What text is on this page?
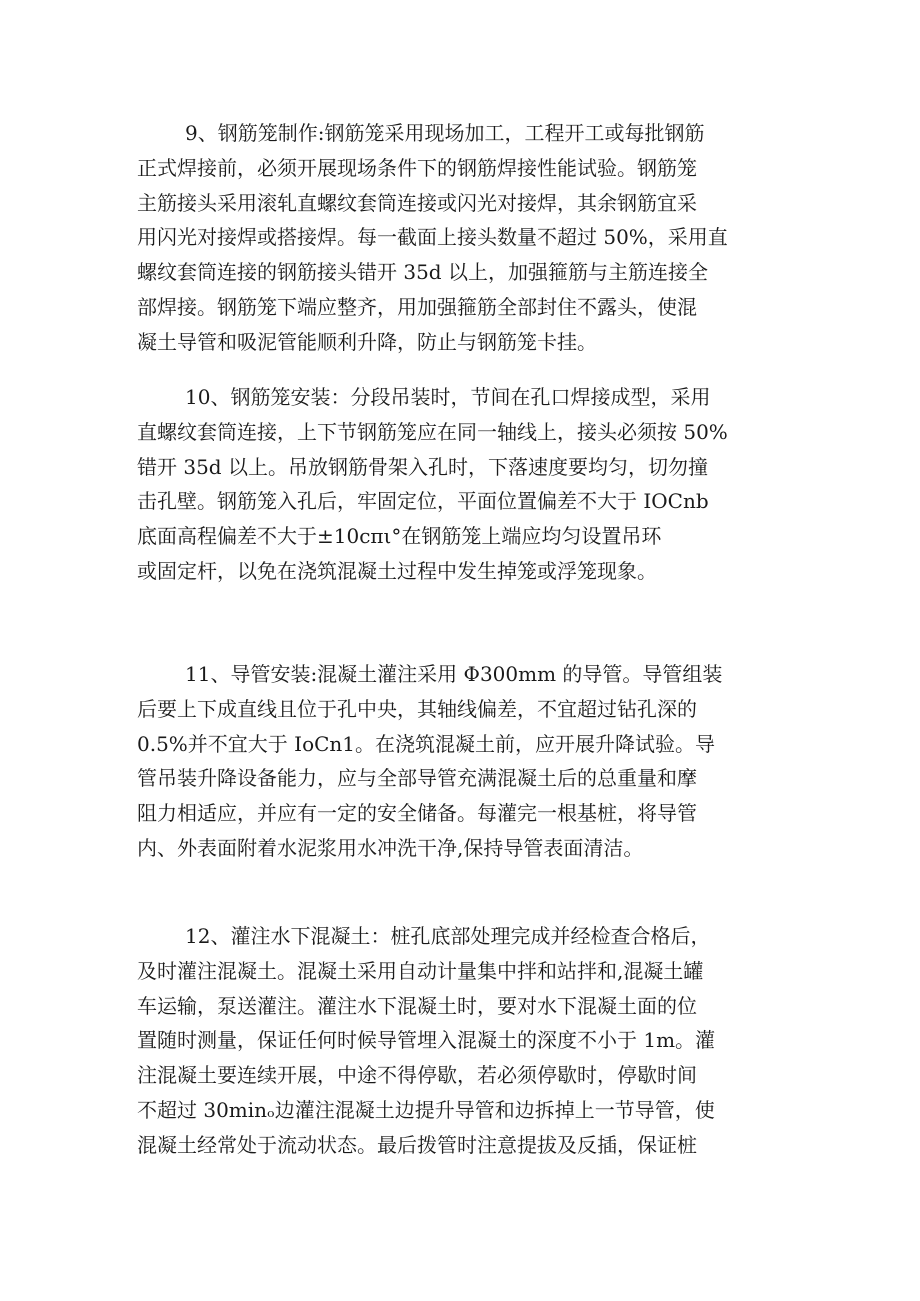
9、钢筋笼制作:钢筋笼采用现场加工，工程开工或每批钢筋
正式焊接前，必须开展现场条件下的钢筋焊接性能试验。钢筋笼
主筋接头采用滚轧直螺纹套筒连接或闪光对接焊，其余钢筋宜采
用闪光对接焊或搭接焊。每一截面上接头数量不超过 50%，采用直
螺纹套筒连接的钢筋接头错开 35d 以上，加强箍筋与主筋连接全
部焊接。钢筋笼下端应整齐，用加强箍筋全部封住不露头，使混
凝土导管和吸泥管能顺利升降，防止与钢筋笼卡挂。
10、钢筋笼安装：分段吊装时，节间在孔口焊接成型，采用
直螺纹套筒连接，上下节钢筋笼应在同一轴线上，接头必须按 50%
错开 35d 以上。吊放钢筋骨架入孔时，下落速度要均匀，切勿撞
击孔壁。钢筋笼入孔后，牢固定位，平面位置偏差不大于 IOCnb
底面高程偏差不大于±10cπι°在钢筋笼上端应均匀设置吊环
或固定杆，以免在浇筑混凝土过程中发生掉笼或浮笼现象。
11、导管安装:混凝土灌注采用 Φ300mm 的导管。导管组装
后要上下成直线且位于孔中央，其轴线偏差，不宜超过钻孔深的
0.5%并不宜大于 IoCn1。在浇筑混凝土前，应开展升降试验。导
管吊装升降设备能力，应与全部导管充满混凝土后的总重量和摩
阻力相适应，并应有一定的安全储备。每灌完一根基桩，将导管
内、外表面附着水泥浆用水冲洗干净,保持导管表面清洁。
12、灌注水下混凝土：桩孔底部处理完成并经检查合格后，
及时灌注混凝土。混凝土采用自动计量集中拌和站拌和,混凝土罐
车运输，泵送灌注。灌注水下混凝土时，要对水下混凝土面的位
置随时测量，保证任何时候导管埋入混凝土的深度不小于 1m。灌
注混凝土要连续开展，中途不得停歇，若必须停歇时，停歇时间
不超过 30minₒ边灌注混凝土边提升导管和边拆掉上一节导管，使
混凝土经常处于流动状态。最后拨管时注意提拔及反插，保证桩
